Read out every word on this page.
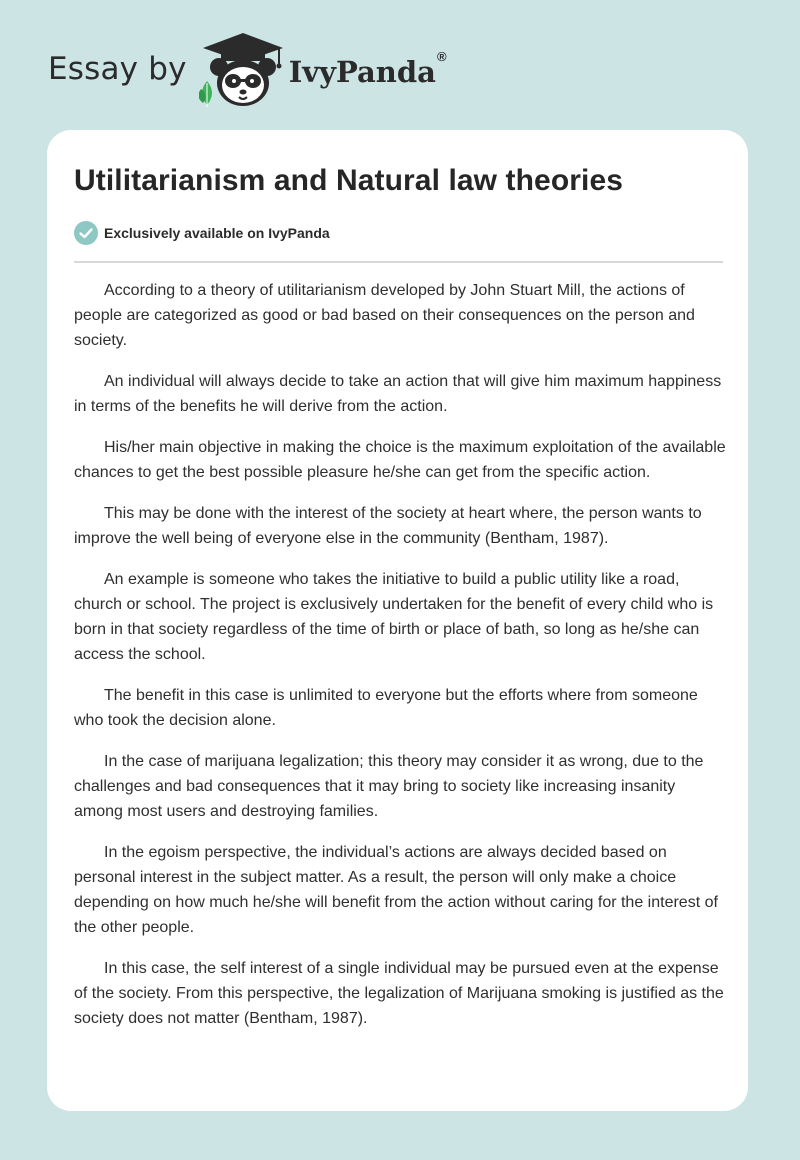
Essay by	IvyPanda®
Utilitarianism and Natural law theories
Exclusively available on IvyPanda

According to a theory of utilitarianism developed by John Stuart Mill, the actions of people are categorized as good or bad based on their consequences on the person and society.

An individual will always decide to take an action that will give him maximum happiness in terms of the benefits he will derive from the action.

His/her main objective in making the choice is the maximum exploitation of the available chances to get the best possible pleasure he/she can get from the specific action.

This may be done with the interest of the society at heart where, the person wants to improve the well being of everyone else in the community (Bentham, 1987).

An example is someone who takes the initiative to build a public utility like a road, church or school. The project is exclusively undertaken for the benefit of every child who is born in that society regardless of the time of birth or place of bath, so long as he/she can access the school.

The benefit in this case is unlimited to everyone but the efforts where from someone who took the decision alone.

In the case of marijuana legalization; this theory may consider it as wrong, due to the challenges and bad consequences that it may bring to society like increasing insanity among most users and destroying families.

In the egoism perspective, the individual’s actions are always decided based on personal interest in the subject matter. As a result, the person will only make a choice depending on how much he/she will benefit from the action without caring for the interest of the other people.

In this case, the self interest of a single individual may be pursued even at the expense of the society. From this perspective, the legalization of Marijuana smoking is justified as the society does not matter (Bentham, 1987).
